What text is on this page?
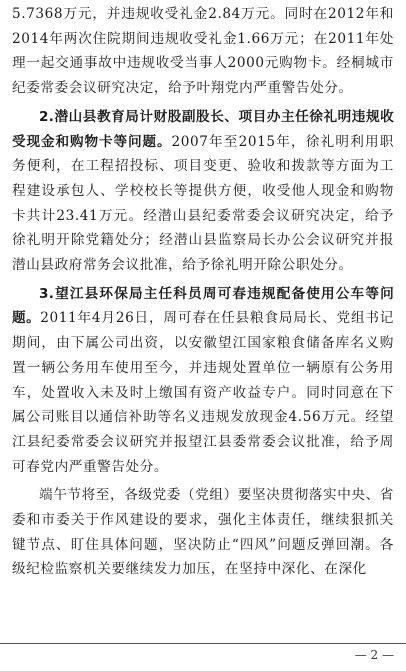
5.7368万元，并违规收受礼金2.84万元。同时在2012年和2014年两次住院期间违规收受礼金1.66万元；在2011年处理一起交通事故中违规收受当事人2000元购物卡。经桐城市纪委常委会议研究决定，给予叶翔党内严重警告处分。

2.潜山县教育局计财股副股长、项目办主任徐礼明违规收受现金和购物卡等问题。2007年至2015年，徐礼明利用职务便利，在工程招投标、项目变更、验收和拨款等方面为工程建设承包人、学校校长等提供方便，收受他人现金和购物卡共计23.41万元。经潜山县纪委常委会议研究决定，给予徐礼明开除党籍处分；经潜山县监察局长办公会议研究并报潜山县政府常务会议批准，给予徐礼明开除公职处分。

3.望江县环保局主任科员周可春违规配备使用公车等问题。2011年4月26日，周可春在任县粮食局局长、党组书记期间，由下属公司出资，以安徽望江国家粮食储备库名义购置一辆公务用车使用至今，并违规处置单位一辆原有公务用车，处置收入未及时上缴国有资产收益专户。同时同意在下属公司账目以通信补助等名义违规发放现金4.56万元。经望江县纪委常委会议研究并报望江县委常委会议批准，给予周可春党内严重警告处分。

端午节将至，各级党委（党组）要坚决贯彻落实中央、省委和市委关于作风建设的要求，强化主体责任，继续狠抓关键节点、盯住具体问题，坚决防止“四风”问题反弹回潮。各级纪检监察机关要继续发力加压，在坚持中深化、在深化

— 2 —
